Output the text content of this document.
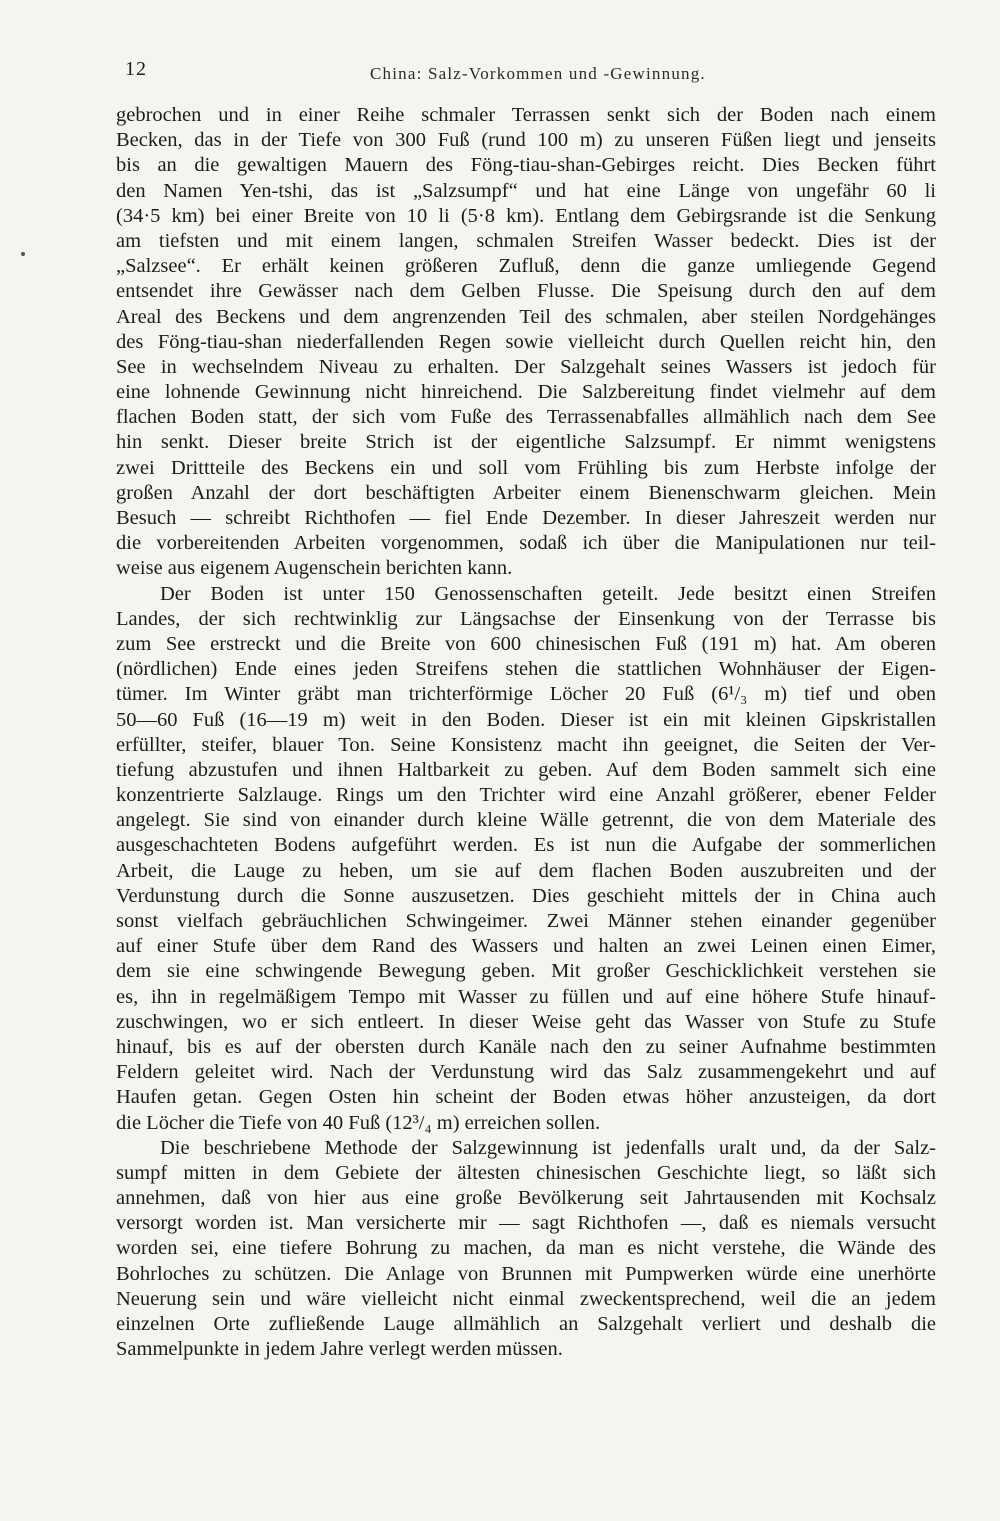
12	China: Salz-Vorkommen und -Gewinnung.
gebrochen und in einer Reihe schmaler Terrassen senkt sich der Boden nach einem
Becken, das in der Tiefe von 300 Fuß (rund 100 m) zu unseren Füßen liegt und jenseits
bis an die gewaltigen Mauern des Föng-tiau-shan-Gebirges reicht. Dies Becken führt
den Namen Yen-tshi, das ist „Salzsumpf“ und hat eine Länge von ungefähr 60 li
(34·5 km) bei einer Breite von 10 li (5·8 km). Entlang dem Gebirgsrande ist die Senkung
am tiefsten und mit einem langen, schmalen Streifen Wasser bedeckt. Dies ist der
„Salzsee“. Er erhält keinen größeren Zufluß, denn die ganze umliegende Gegend
entsendet ihre Gewässer nach dem Gelben Flusse. Die Speisung durch den auf dem
Areal des Beckens und dem angrenzenden Teil des schmalen, aber steilen Nordgehänges
des Föng-tiau-shan niederfallenden Regen sowie vielleicht durch Quellen reicht hin, den
See in wechselndem Niveau zu erhalten. Der Salzgehalt seines Wassers ist jedoch für
eine lohnende Gewinnung nicht hinreichend. Die Salzbereitung findet vielmehr auf dem
flachen Boden statt, der sich vom Fuße des Terrassenabfalles allmählich nach dem See
hin senkt. Dieser breite Strich ist der eigentliche Salzsumpf. Er nimmt wenigstens
zwei Drittteile des Beckens ein und soll vom Frühling bis zum Herbste infolge der
großen Anzahl der dort beschäftigten Arbeiter einem Bienenschwarm gleichen. Mein
Besuch — schreibt Richthofen — fiel Ende Dezember. In dieser Jahreszeit werden nur
die vorbereitenden Arbeiten vorgenommen, sodaß ich über die Manipulationen nur teil-
weise aus eigenem Augenschein berichten kann.
Der Boden ist unter 150 Genossenschaften geteilt. Jede besitzt einen Streifen
Landes, der sich rechtwinklig zur Längsachse der Einsenkung von der Terrasse bis
zum See erstreckt und die Breite von 600 chinesischen Fuß (191 m) hat. Am oberen
(nördlichen) Ende eines jeden Streifens stehen die stattlichen Wohnhäuser der Eigen-
tümer. Im Winter gräbt man trichterförmige Löcher 20 Fuß (6¹/₃ m) tief und oben
50—60 Fuß (16—19 m) weit in den Boden. Dieser ist ein mit kleinen Gipskristallen
erfüllter, steifer, blauer Ton. Seine Konsistenz macht ihn geeignet, die Seiten der Ver-
tiefung abzustufen und ihnen Haltbarkeit zu geben. Auf dem Boden sammelt sich eine
konzentrierte Salzlauge. Rings um den Trichter wird eine Anzahl größerer, ebener Felder
angelegt. Sie sind von einander durch kleine Wälle getrennt, die von dem Materiale des
ausgeschachteten Bodens aufgeführt werden. Es ist nun die Aufgabe der sommerlichen
Arbeit, die Lauge zu heben, um sie auf dem flachen Boden auszubreiten und der
Verdunstung durch die Sonne auszusetzen. Dies geschieht mittels der in China auch
sonst vielfach gebräuchlichen Schwingeimer. Zwei Männer stehen einander gegenüber
auf einer Stufe über dem Rand des Wassers und halten an zwei Leinen einen Eimer,
dem sie eine schwingende Bewegung geben. Mit großer Geschicklichkeit verstehen sie
es, ihn in regelmäßigem Tempo mit Wasser zu füllen und auf eine höhere Stufe hinauf-
zuschwingen, wo er sich entleert. In dieser Weise geht das Wasser von Stufe zu Stufe
hinauf, bis es auf der obersten durch Kanäle nach den zu seiner Aufnahme bestimmten
Feldern geleitet wird. Nach der Verdunstung wird das Salz zusammengekehrt und auf
Haufen getan. Gegen Osten hin scheint der Boden etwas höher anzusteigen, da dort
die Löcher die Tiefe von 40 Fuß (12³/₄ m) erreichen sollen.
Die beschriebene Methode der Salzgewinnung ist jedenfalls uralt und, da der Salz-
sumpf mitten in dem Gebiete der ältesten chinesischen Geschichte liegt, so läßt sich
annehmen, daß von hier aus eine große Bevölkerung seit Jahrtausenden mit Kochsalz
versorgt worden ist. Man versicherte mir — sagt Richthofen —, daß es niemals versucht
worden sei, eine tiefere Bohrung zu machen, da man es nicht verstehe, die Wände des
Bohrloches zu schützen. Die Anlage von Brunnen mit Pumpwerken würde eine unerhörte
Neuerung sein und wäre vielleicht nicht einmal zweckentsprechend, weil die an jedem
einzelnen Orte zufließende Lauge allmählich an Salzgehalt verliert und deshalb die
Sammelpunkte in jedem Jahre verlegt werden müssen.
